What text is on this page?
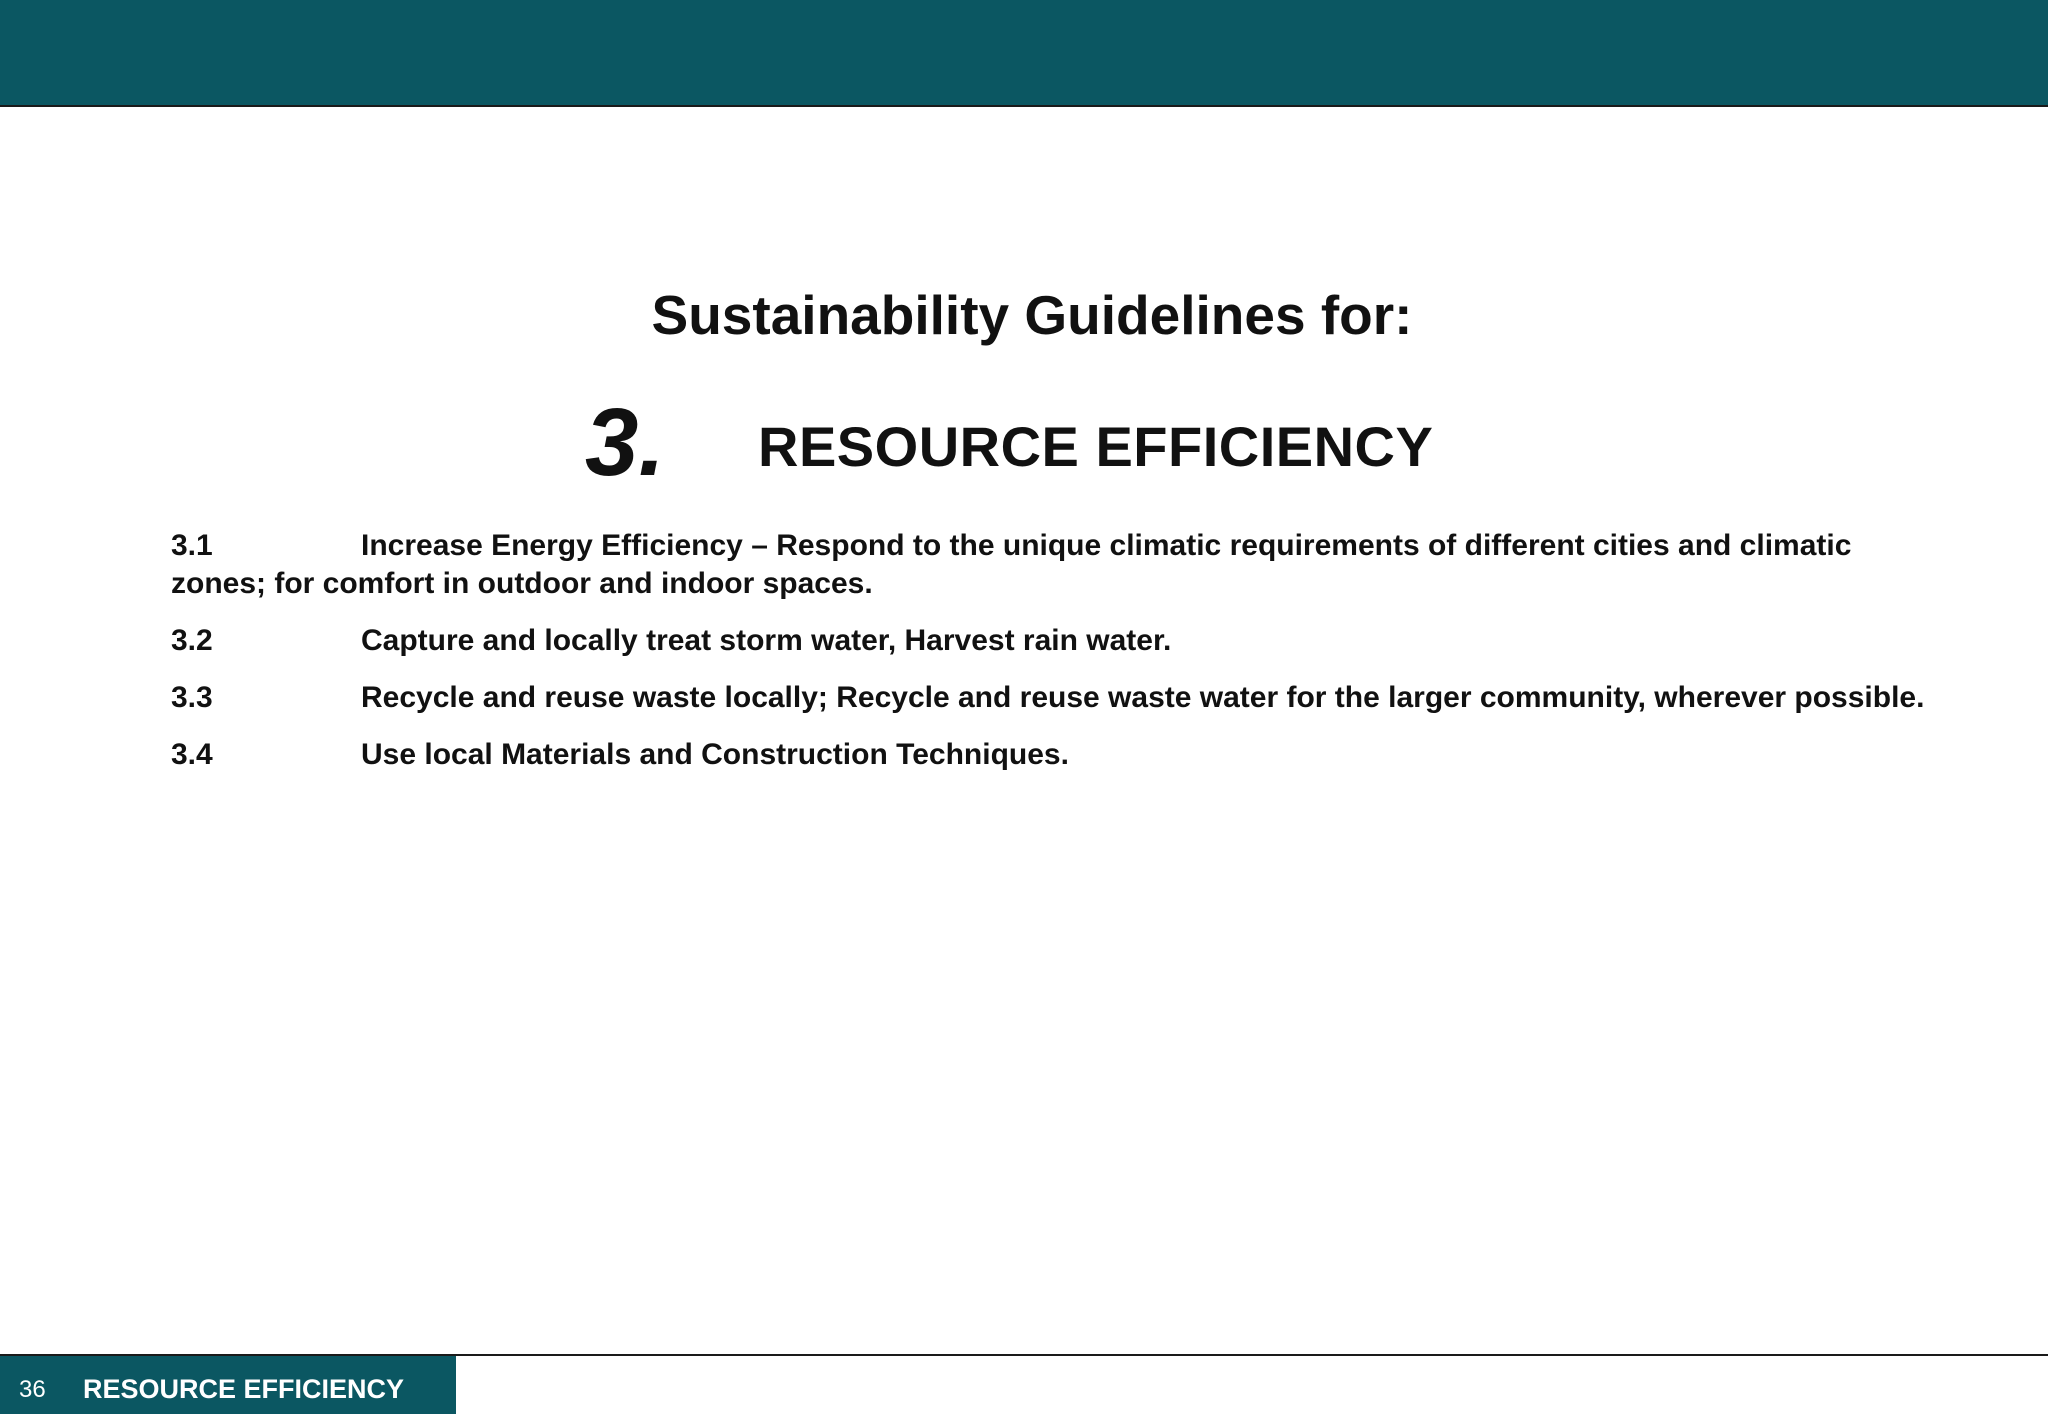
Sustainability Guidelines for:
3. RESOURCE EFFICIENCY

3.1	Increase Energy Efficiency – Respond to the unique climatic requirements of different cities and climatic zones; for comfort in outdoor and indoor spaces.

3.2	Capture and locally treat storm water, Harvest rain water.

3.3	Recycle and reuse waste locally; Recycle and reuse waste water for the larger community, wherever possible.

3.4	Use local Materials and Construction Techniques.

36 RESOURCE EFFICIENCY
